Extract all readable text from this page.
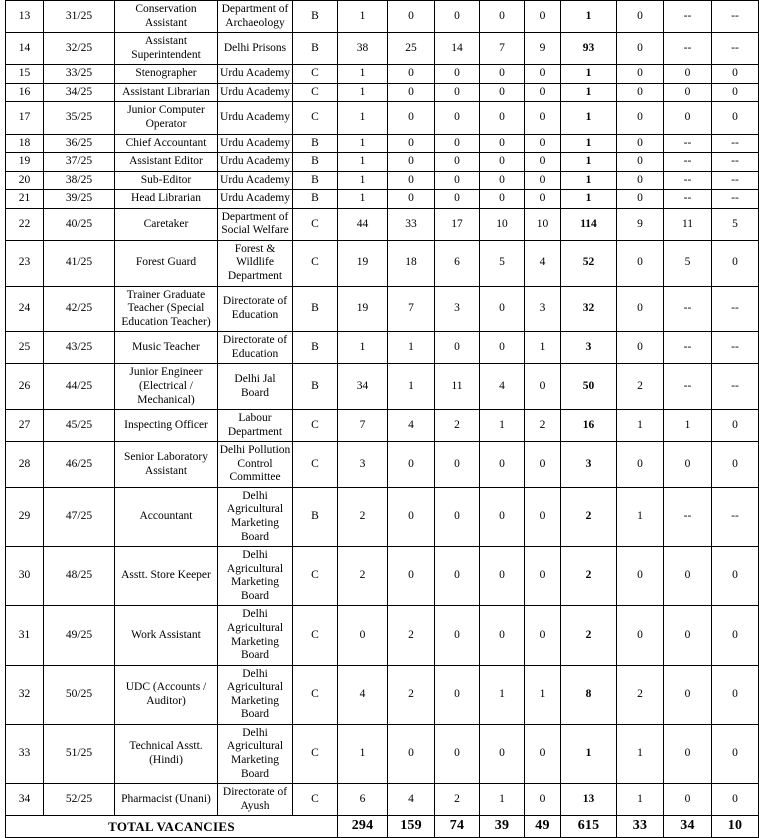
13	31/25	Conservation Assistant	Department of Archaeology	B	1	0	0	0	0	1	0	--	--
14	32/25	Assistant Superintendent	Delhi Prisons	B	38	25	14	7	9	93	0	--	--
15	33/25	Stenographer	Urdu Academy	C	1	0	0	0	0	1	0	0	0
16	34/25	Assistant Librarian	Urdu Academy	C	1	0	0	0	0	1	0	0	0
17	35/25	Junior Computer Operator	Urdu Academy	C	1	0	0	0	0	1	0	0	0
18	36/25	Chief Accountant	Urdu Academy	B	1	0	0	0	0	1	0	--	--
19	37/25	Assistant Editor	Urdu Academy	B	1	0	0	0	0	1	0	--	--
20	38/25	Sub-Editor	Urdu Academy	B	1	0	0	0	0	1	0	--	--
21	39/25	Head Librarian	Urdu Academy	B	1	0	0	0	0	1	0	--	--
22	40/25	Caretaker	Department of Social Welfare	C	44	33	17	10	10	114	9	11	5
23	41/25	Forest Guard	Forest & Wildlife Department	C	19	18	6	5	4	52	0	5	0
24	42/25	Trainer Graduate Teacher (Special Education Teacher)	Directorate of Education	B	19	7	3	0	3	32	0	--	--
25	43/25	Music Teacher	Directorate of Education	B	1	1	0	0	1	3	0	--	--
26	44/25	Junior Engineer (Electrical / Mechanical)	Delhi Jal Board	B	34	1	11	4	0	50	2	--	--
27	45/25	Inspecting Officer	Labour Department	C	7	4	2	1	2	16	1	1	0
28	46/25	Senior Laboratory Assistant	Delhi Pollution Control Committee	C	3	0	0	0	0	3	0	0	0
29	47/25	Accountant	Delhi Agricultural Marketing Board	B	2	0	0	0	0	2	1	--	--
30	48/25	Asstt. Store Keeper	Delhi Agricultural Marketing Board	C	2	0	0	0	0	2	0	0	0
31	49/25	Work Assistant	Delhi Agricultural Marketing Board	C	0	2	0	0	0	2	0	0	0
32	50/25	UDC (Accounts / Auditor)	Delhi Agricultural Marketing Board	C	4	2	0	1	1	8	2	0	0
33	51/25	Technical Asstt. (Hindi)	Delhi Agricultural Marketing Board	C	1	0	0	0	0	1	1	0	0
34	52/25	Pharmacist (Unani)	Directorate of Ayush	C	6	4	2	1	0	13	1	0	0
TOTAL VACANCIES					294	159	74	39	49	615	33	34	10
